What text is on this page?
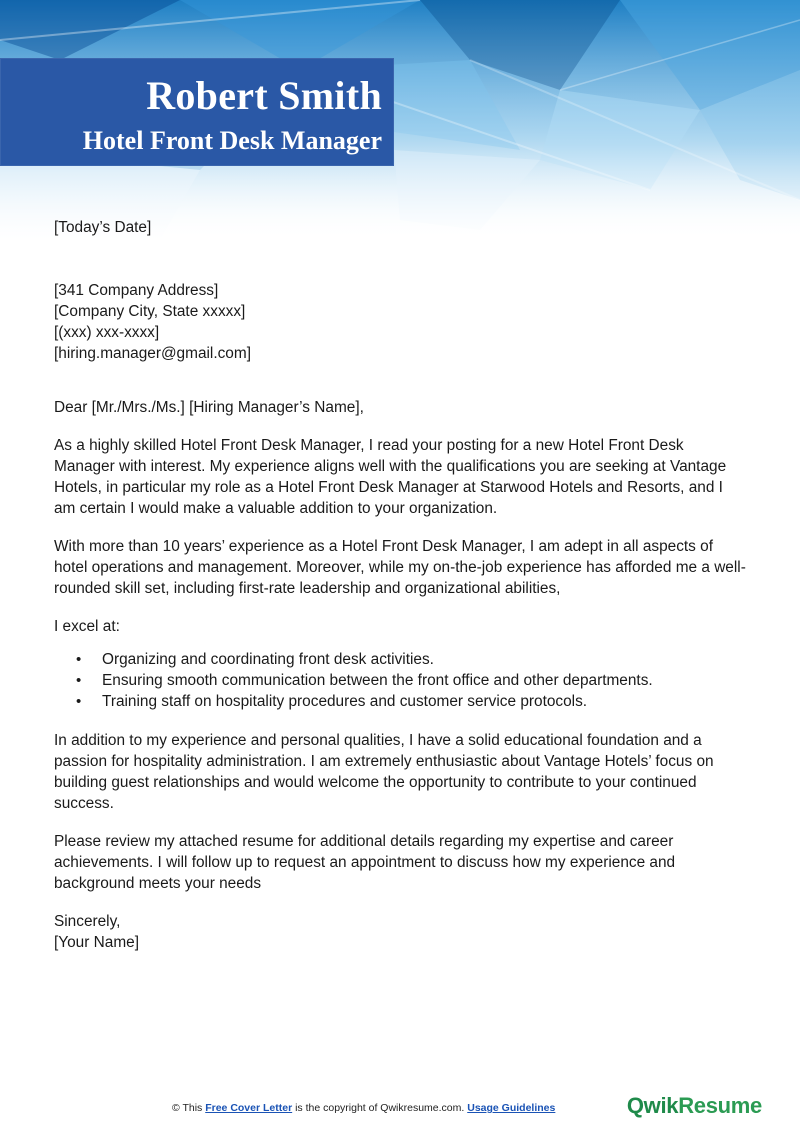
Robert Smith
Hotel Front Desk Manager

[Today’s Date]

[341 Company Address]

[Company City, State xxxxx]

[(xxx) xxx-xxxx]

[hiring.manager@gmail.com]

Dear [Mr./Mrs./Ms.] [Hiring Manager’s Name],

As a highly skilled Hotel Front Desk Manager, I read your posting for a new Hotel Front Desk Manager with interest. My experience aligns well with the qualifications you are seeking at Vantage Hotels, in particular my role as a Hotel Front Desk Manager at Starwood Hotels and Resorts, and I am certain I would make a valuable addition to your organization.

With more than 10 years’ experience as a Hotel Front Desk Manager, I am adept in all aspects of hotel operations and management. Moreover, while my on-the-job experience has afforded me a well-rounded skill set, including first-rate leadership and organizational abilities,

I excel at:

• Organizing and coordinating front desk activities.
• Ensuring smooth communication between the front office and other departments.
• Training staff on hospitality procedures and customer service protocols.

In addition to my experience and personal qualities, I have a solid educational foundation and a passion for hospitality administration. I am extremely enthusiastic about Vantage Hotels’ focus on building guest relationships and would welcome the opportunity to contribute to your continued success.

Please review my attached resume for additional details regarding my expertise and career achievements. I will follow up to request an appointment to discuss how my experience and background meets your needs

Sincerely,

[Your Name]

© This Free Cover Letter is the copyright of Qwikresume.com. Usage Guidelines	QwikResume
